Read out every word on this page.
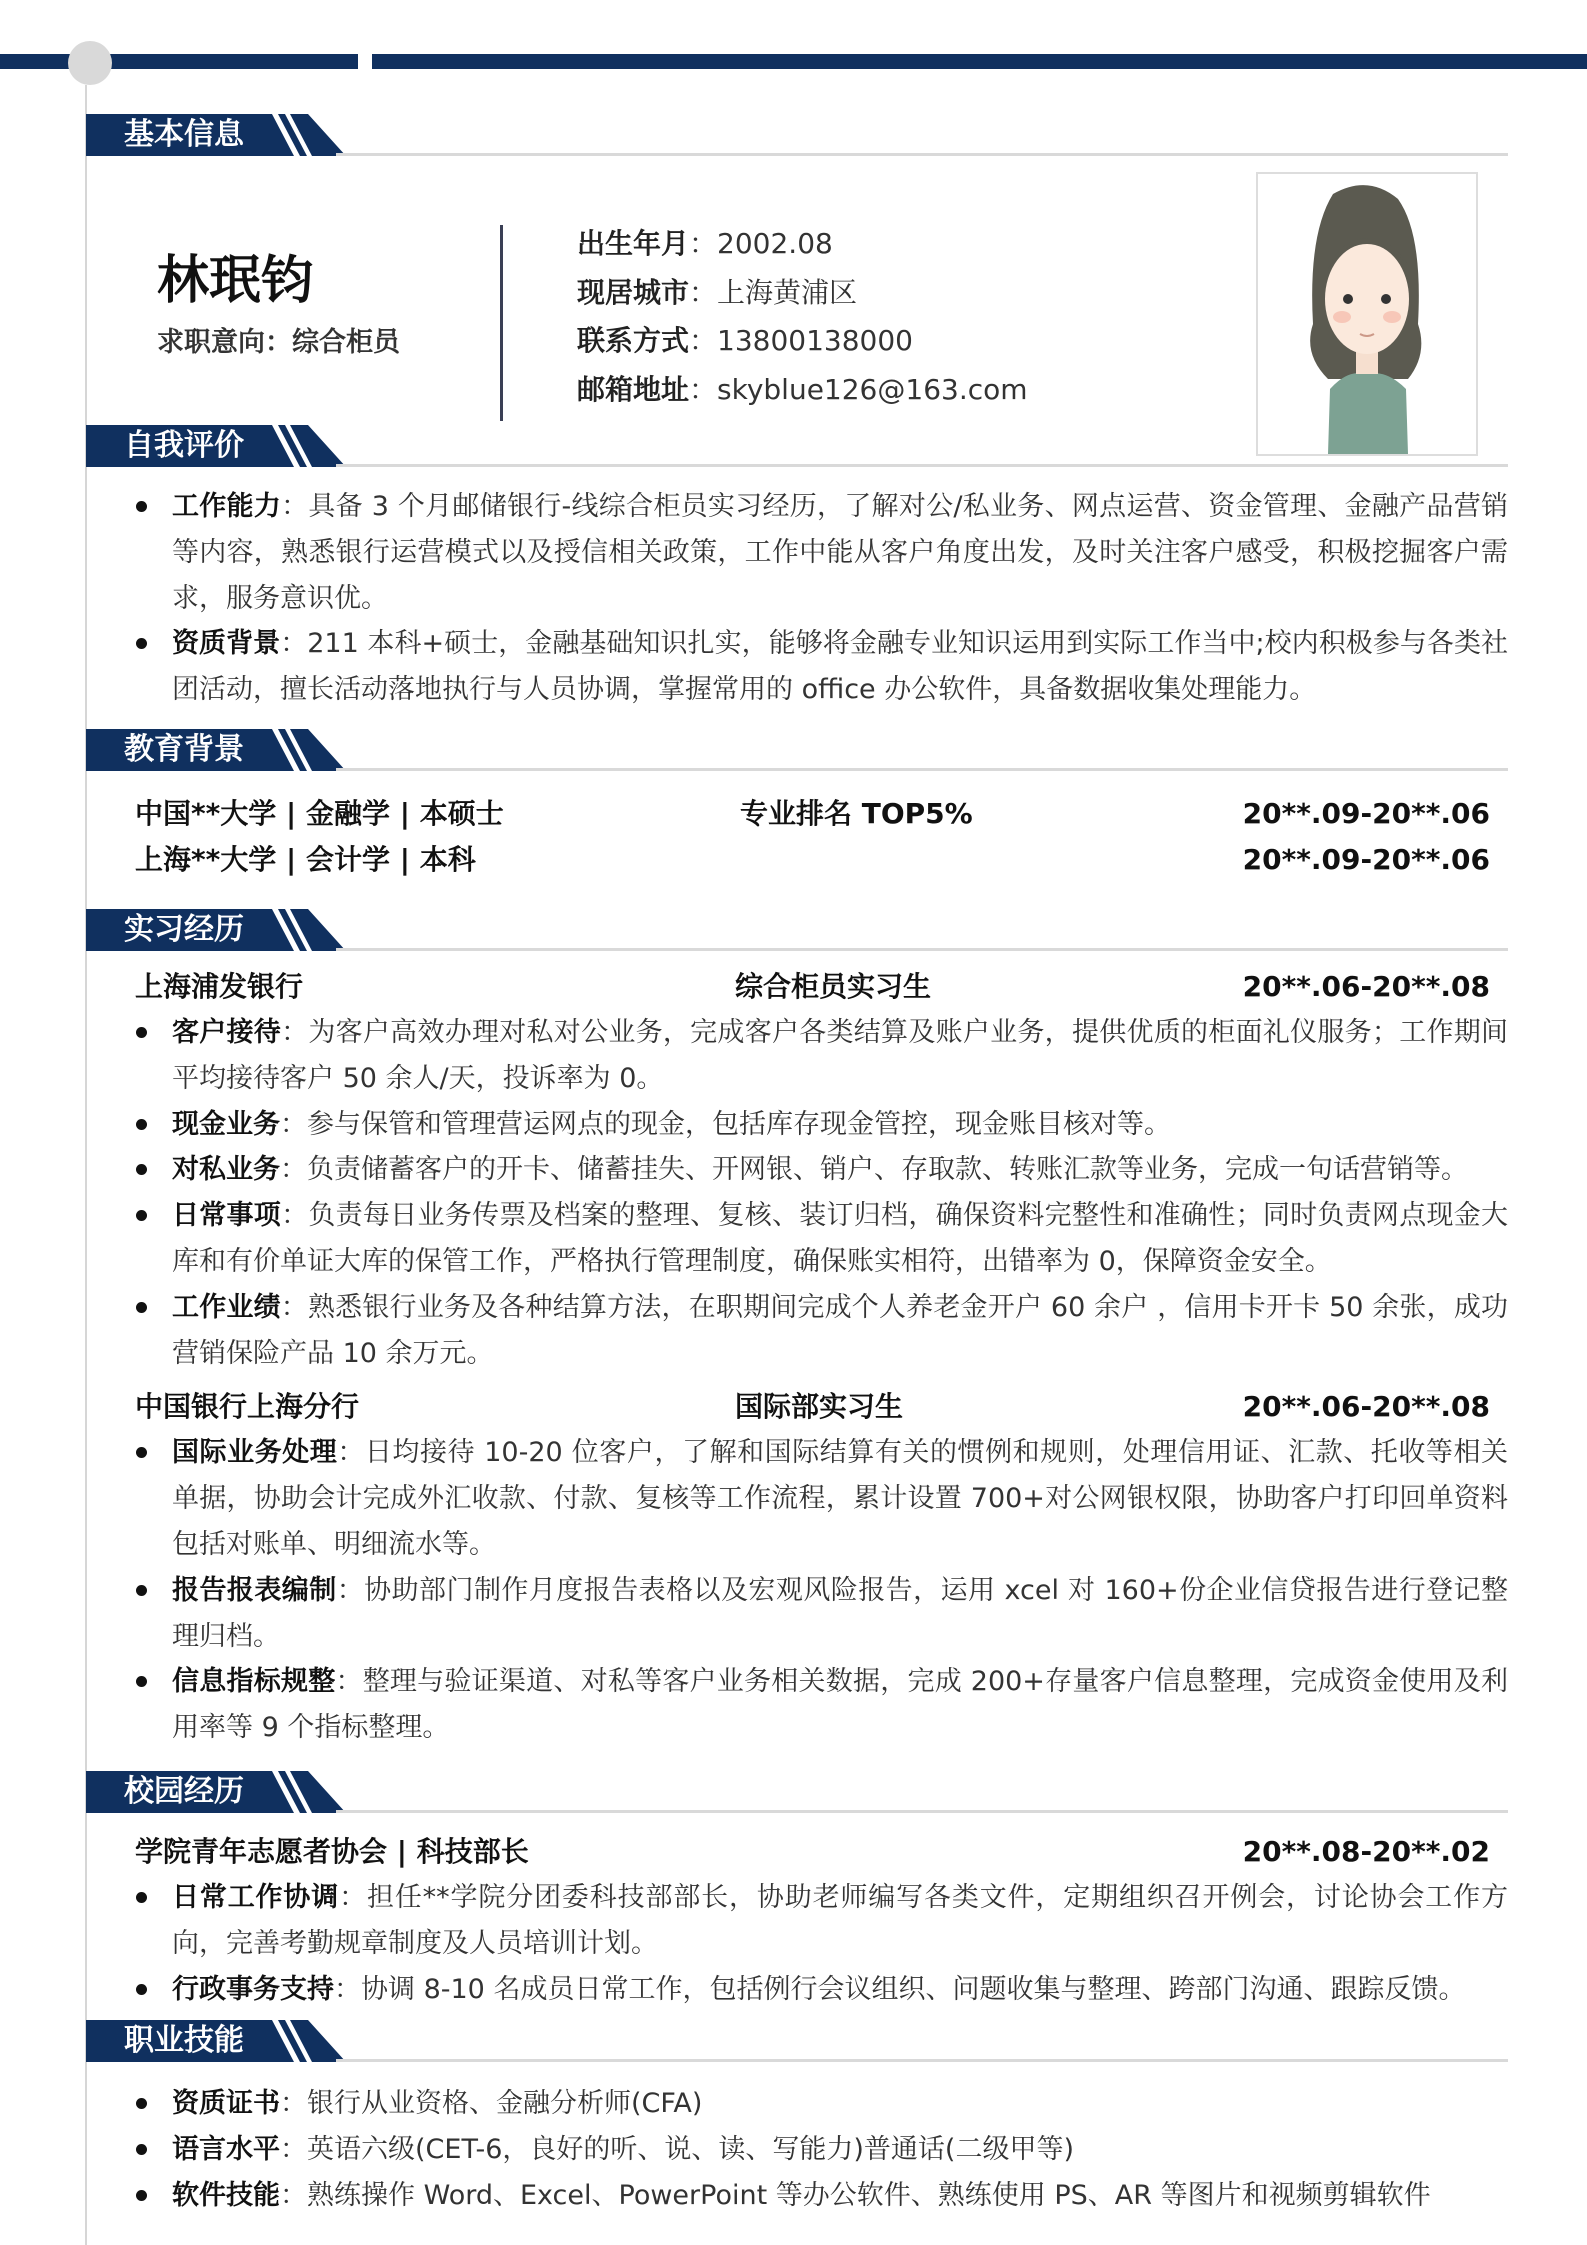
基本信息
自我评价
教育背景
实习经历
校园经历
职业技能
林珉钧
求职意向：综合柜员
出生年月：2002.08
现居城市：上海黄浦区
联系方式：13800138000
邮箱地址：skyblue126@163.com
工作能力：具备 3 个月邮储银行-线综合柜员实习经历，了解对公/私业务、网点运营、资金管理、金融产品营销等内容，熟悉银行运营模式以及授信相关政策，工作中能从客户角度出发，及时关注客户感受，积极挖掘客户需求，服务意识优。
资质背景：211 本科+硕士，金融基础知识扎实，能够将金融专业知识运用到实际工作当中;校内积极参与各类社团活动，擅长活动落地执行与人员协调，掌握常用的 office 办公软件，具备数据收集处理能力。
中国**大学 | 金融学 | 本硕士	专业排名 TOP5%	20**.09-20**.06
上海**大学 | 会计学 | 本科	20**.09-20**.06
上海浦发银行	综合柜员实习生	20**.06-20**.08
客户接待：为客户高效办理对私对公业务，完成客户各类结算及账户业务，提供优质的柜面礼仪服务；工作期间平均接待客户 50 余人/天，投诉率为 0。
现金业务：参与保管和管理营运网点的现金，包括库存现金管控，现金账目核对等。
对私业务：负责储蓄客户的开卡、储蓄挂失、开网银、销户、存取款、转账汇款等业务，完成一句话营销等。
日常事项：负责每日业务传票及档案的整理、复核、装订归档，确保资料完整性和准确性；同时负责网点现金大库和有价单证大库的保管工作，严格执行管理制度，确保账实相符，出错率为 0，保障资金安全。
工作业绩：熟悉银行业务及各种结算方法，在职期间完成个人养老金开户 60 余户 ，信用卡开卡 50 余张，成功营销保险产品 10 余万元。
中国银行上海分行	国际部实习生	20**.06-20**.08
国际业务处理：日均接待 10-20 位客户，了解和国际结算有关的惯例和规则，处理信用证、汇款、托收等相关单据，协助会计完成外汇收款、付款、复核等工作流程，累计设置 700+对公网银权限，协助客户打印回单资料 包括对账单、明细流水等。
报告报表编制：协助部门制作月度报告表格以及宏观风险报告，运用 xcel 对 160+份企业信贷报告进行登记整理归档。
信息指标规整：整理与验证渠道、对私等客户业务相关数据，完成 200+存量客户信息整理，完成资金使用及利用率等 9 个指标整理。
学院青年志愿者协会 | 科技部长	20**.08-20**.02
日常工作协调：担任**学院分团委科技部部长，协助老师编写各类文件，定期组织召开例会，讨论协会工作方向，完善考勤规章制度及人员培训计划。
行政事务支持：协调 8-10 名成员日常工作，包括例行会议组织、问题收集与整理、跨部门沟通、跟踪反馈。
资质证书：银行从业资格、金融分析师(CFA)
语言水平：英语六级(CET-6，良好的听、说、读、写能力)普通话(二级甲等)
软件技能：熟练操作 Word、Excel、PowerPoint 等办公软件、熟练使用 PS、AR 等图片和视频剪辑软件
